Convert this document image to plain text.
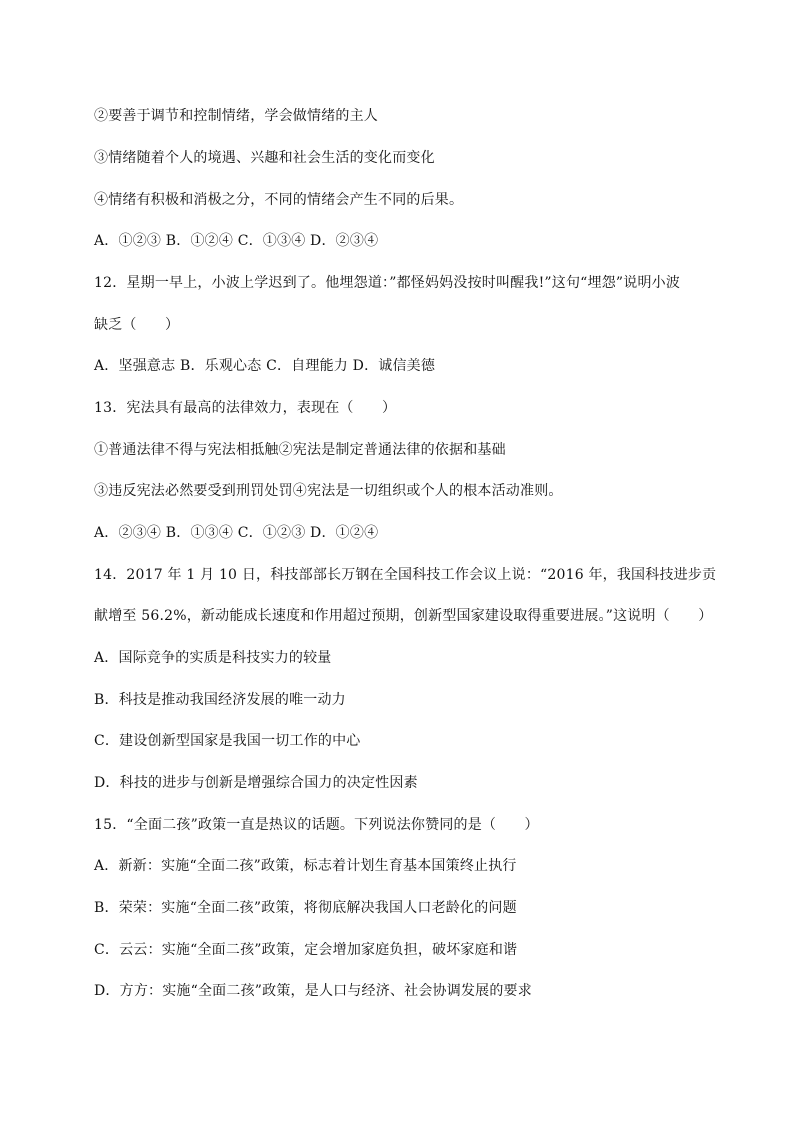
②要善于调节和控制情绪，学会做情绪的主人
③情绪随着个人的境遇、兴趣和社会生活的变化而变化
④情绪有积极和消极之分，不同的情绪会产生不同的后果。
A．①②③ B．①②④ C．①③④ D．②③④
12．星期一早上，小波上学迟到了。他埋怨道：”都怪妈妈没按时叫醒我!”这句“埋怨”说明小波
缺乏（　　）
A．坚强意志 B．乐观心态 C．自理能力 D．诚信美德
13．宪法具有最高的法律效力，表现在（　　）
①普通法律不得与宪法相抵触②宪法是制定普通法律的依据和基础
③违反宪法必然要受到刑罚处罚④宪法是一切组织或个人的根本活动准则。
A．②③④ B．①③④ C．①②③ D．①②④
14．2017 年 1 月 10 日，科技部部长万钢在全国科技工作会议上说：“2016 年，我国科技进步贡
献增至 56.2%，新动能成长速度和作用超过预期，创新型国家建设取得重要进展。”这说明（　　）
A．国际竞争的实质是科技实力的较量
B．科技是推动我国经济发展的唯一动力
C．建设创新型国家是我国一切工作的中心
D．科技的进步与创新是增强综合国力的决定性因素
15．“全面二孩”政策一直是热议的话题。下列说法你赞同的是（　　）
A．新新：实施“全面二孩”政策，标志着计划生育基本国策终止执行
B．荣荣：实施“全面二孩”政策，将彻底解决我国人口老龄化的问题
C．云云：实施“全面二孩”政策，定会增加家庭负担，破坏家庭和谐
D．方方：实施“全面二孩”政策，是人口与经济、社会协调发展的要求
